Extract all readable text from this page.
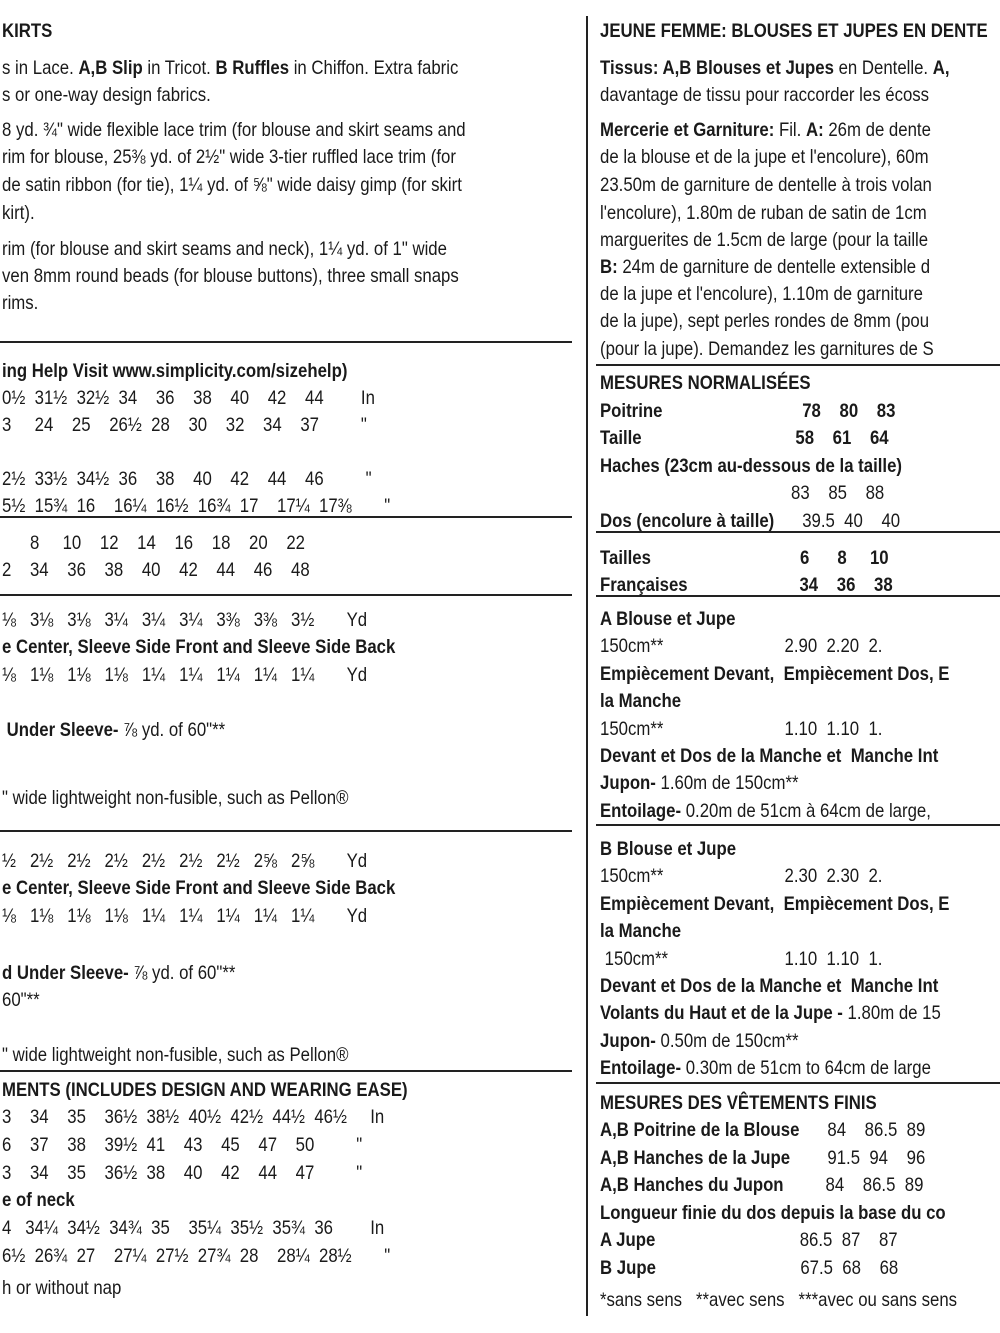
KIRTS
s in Lace. A,B Slip in Tricot. B Ruffles in Chiffon. Extra fabric
s or one-way design fabrics.
8 yd. ¾" wide flexible lace trim (for blouse and skirt seams and
rim for blouse, 25⅜ yd. of 2½" wide 3-tier ruffled lace trim (for
de satin ribbon (for tie), 1¼ yd. of ⅝" wide daisy gimp (for skirt
kirt).
rim (for blouse and skirt seams and neck), 1¼ yd. of 1" wide
ven 8mm round beads (for blouse buttons), three small snaps
rims.
ing Help Visit www.simplicity.com/sizehelp)
0½  31½  32½  34    36    38    40    42    44        In
3     24    25    26½  28    30    32    34    37         "
2½  33½  34½  36    38    40    42    44    46         "
5½  15¾  16    16¼  16½  16¾  17    17¼  17⅜       "
8     10    12    14    16    18    20    22
2    34    36    38    40    42    44    46    48
⅛   3⅛   3⅛   3¼   3¼   3¼   3⅜   3⅜   3½       Yd
e Center, Sleeve Side Front and Sleeve Side Back
⅛   1⅛   1⅛   1⅛   1¼   1¼   1¼   1¼   1¼       Yd
Under Sleeve- ⅞ yd. of 60"**
" wide lightweight non-fusible, such as Pellon®
½   2½   2½   2½   2½   2½   2½   2⅝   2⅝       Yd
e Center, Sleeve Side Front and Sleeve Side Back
⅛   1⅛   1⅛   1⅛   1¼   1¼   1¼   1¼   1¼       Yd
d Under Sleeve- ⅞ yd. of 60"**
60"**
" wide lightweight non-fusible, such as Pellon®
MENTS (INCLUDES DESIGN AND WEARING EASE)
3    34    35    36½  38½  40½  42½  44½  46½     In
6    37    38    39½  41    43    45    47    50         "
3    34    35    36½  38    40    42    44    47         "
e of neck
4   34¼  34½  34¾  35    35¼  35½  35¾  36        In
6½  26¾  27    27¼  27½  27¾  28    28¼  28½       "
h or without nap
JEUNE FEMME: BLOUSES ET JUPES EN DENTE
Tissus: A,B Blouses et Jupes en Dentelle. A,
davantage de tissu pour raccorder les écoss
Mercerie et Garniture: Fil. A: 26m de dente
de la blouse et de la jupe et l'encolure), 60m
23.50m de garniture de dentelle à trois volan
l'encolure), 1.80m de ruban de satin de 1cm
marguerites de 1.5cm de large (pour la taille
B: 24m de garniture de dentelle extensible d
de la jupe et l'encolure), 1.10m de garniture
de la jupe), sept perles rondes de 8mm (pou
(pour la jupe). Demandez les garnitures de S
MESURES NORMALISÉES
Poitrine                              78    80    83
Taille                                 58    61    64
Haches (23cm au-dessous de la taille)
83    85    88
Dos (encolure à taille)      39.5  40    40
Tailles                                6      8     10
Françaises                        34    36    38
A Blouse et Jupe
150cm**                          2.90  2.20  2.
Empiècement Devant,  Empiècement Dos, E
la Manche
150cm**                          1.10  1.10  1.
Devant et Dos de la Manche et  Manche Int
Jupon- 1.60m de 150cm**
Entoilage- 0.20m de 51cm à 64cm de large,
B Blouse et Jupe
150cm**                          2.30  2.30  2.
Empiècement Devant,  Empiècement Dos, E
la Manche
150cm**                         1.10  1.10  1.
Devant et Dos de la Manche et  Manche Int
Volants du Haut et de la Jupe - 1.80m de 15
Jupon- 0.50m de 150cm**
Entoilage- 0.30m de 51cm to 64cm de large
MESURES DES VÊTEMENTS FINIS
A,B Poitrine de la Blouse      84    86.5  89
A,B Hanches de la Jupe        91.5  94    96
A,B Hanches du Jupon         84    86.5  89
Longueur finie du dos depuis la base du co
A Jupe                               86.5  87    87
B Jupe                               67.5  68    68
*sans sens   **avec sens   ***avec ou sans sens
